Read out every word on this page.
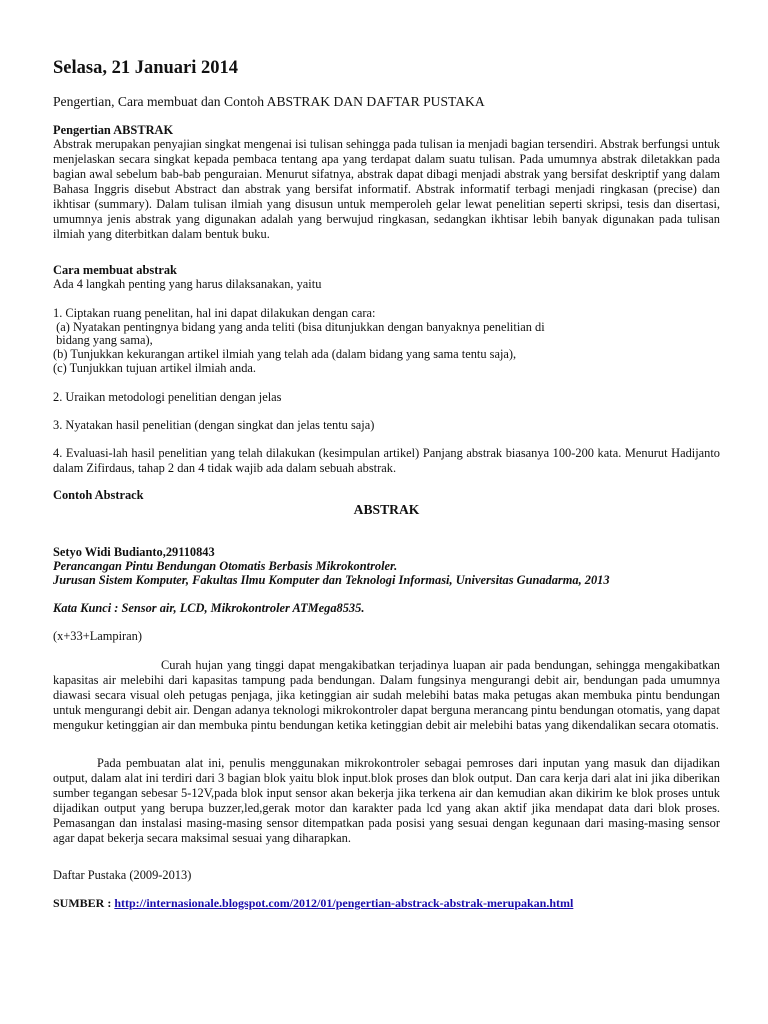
Selasa, 21 Januari 2014
Pengertian, Cara membuat dan Contoh ABSTRAK DAN DAFTAR PUSTAKA
Pengertian ABSTRAK

Abstrak merupakan penyajian singkat mengenai isi tulisan sehingga pada tulisan ia menjadi bagian tersendiri. Abstrak berfungsi untuk menjelaskan secara singkat kepada pembaca tentang apa yang terdapat dalam suatu tulisan. Pada umumnya abstrak diletakkan pada bagian awal sebelum bab-bab penguraian. Menurut sifatnya, abstrak dapat dibagi menjadi abstrak yang bersifat deskriptif yang dalam Bahasa Inggris disebut Abstract dan abstrak yang bersifat informatif. Abstrak informatif terbagi menjadi ringkasan (precise) dan ikhtisar (summary). Dalam tulisan ilmiah yang disusun untuk memperoleh gelar lewat penelitian seperti skripsi, tesis dan disertasi, umumnya jenis abstrak yang digunakan adalah yang berwujud ringkasan, sedangkan ikhtisar lebih banyak digunakan pada tulisan ilmiah yang diterbitkan dalam bentuk buku.

Cara membuat abstrak
Ada 4 langkah penting yang harus dilaksanakan, yaitu
1. Ciptakan ruang penelitan, hal ini dapat dilakukan dengan cara:
(a) Nyatakan pentingnya bidang yang anda teliti (bisa ditunjukkan dengan banyaknya penelitian di
bidang yang sama),
(b) Tunjukkan kekurangan artikel ilmiah yang telah ada (dalam bidang yang sama tentu saja),
(c) Tunjukkan tujuan artikel ilmiah anda.
2. Uraikan metodologi penelitian dengan jelas
3. Nyatakan hasil penelitian (dengan singkat dan jelas tentu saja)

4. Evaluasi-lah hasil penelitian yang telah dilakukan (kesimpulan artikel) Panjang abstrak biasanya 100-200 kata. Menurut Hadijanto dalam Zifirdaus, tahap 2 dan 4 tidak wajib ada dalam sebuah abstrak.

Contoh Abstrack
ABSTRAK
Setyo Widi Budianto,29110843
Perancangan Pintu Bendungan Otomatis Berbasis Mikrokontroler.
Jurusan Sistem Komputer, Fakultas Ilmu Komputer dan Teknologi Informasi, Universitas Gunadarma, 2013
Kata Kunci : Sensor air, LCD, Mikrokontroler ATMega8535.
(x+33+Lampiran)

Curah hujan yang tinggi dapat mengakibatkan terjadinya luapan air pada bendungan, sehingga mengakibatkan kapasitas air melebihi dari kapasitas tampung pada bendungan. Dalam fungsinya mengurangi debit air, bendungan pada umumnya diawasi secara visual oleh petugas penjaga, jika ketinggian air sudah melebihi batas maka petugas akan membuka pintu bendungan untuk mengurangi debit air. Dengan adanya teknologi mikrokontroler dapat berguna merancang pintu bendungan otomatis, yang dapat mengukur ketinggian air dan membuka pintu bendungan ketika ketinggian debit air melebihi batas yang dikendalikan secara otomatis.

Pada pembuatan alat ini, penulis menggunakan mikrokontroler sebagai pemroses dari inputan yang masuk dan dijadikan output, dalam alat ini terdiri dari 3 bagian blok yaitu blok input.blok proses dan blok output. Dan cara kerja dari alat ini jika diberikan sumber tegangan sebesar 5-12V,pada blok input sensor akan bekerja jika terkena air dan kemudian akan dikirim ke blok proses untuk dijadikan output yang berupa buzzer,led,gerak motor dan karakter pada lcd yang akan aktif jika mendapat data dari blok proses. Pemasangan dan instalasi masing-masing sensor ditempatkan pada posisi yang sesuai dengan kegunaan dari masing-masing sensor agar dapat bekerja secara maksimal sesuai yang diharapkan.

Daftar Pustaka (2009-2013)
SUMBER : http://internasionale.blogspot.com/2012/01/pengertian-abstrack-abstrak-merupakan.html
